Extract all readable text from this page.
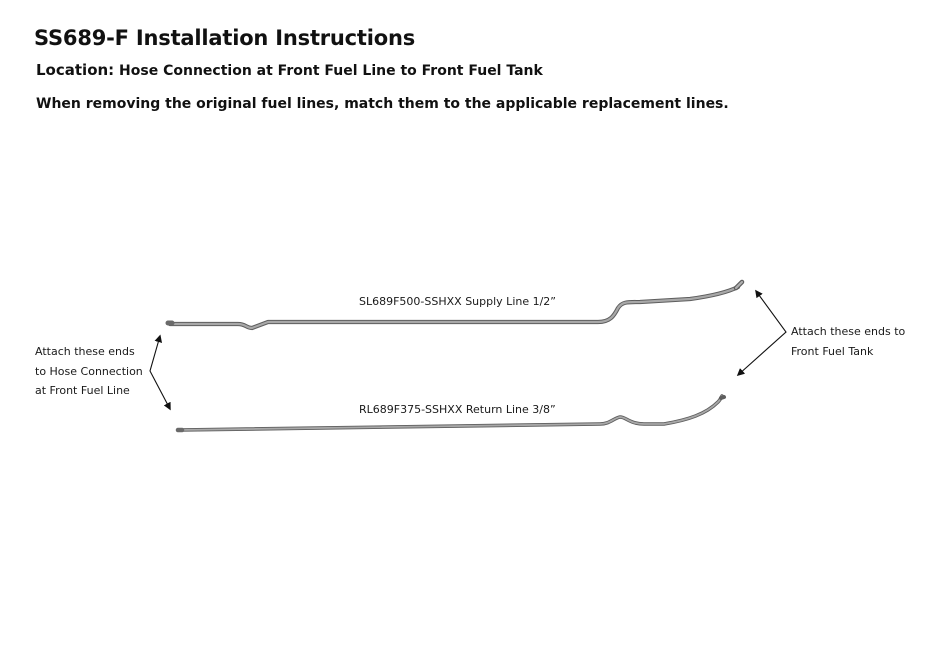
SS689-F Installation Instructions
Location: Hose Connection at Front Fuel Line to Front Fuel Tank
When removing the original fuel lines, match them to the applicable replacement lines.
SL689F500-SSHXX Supply Line 1/2”
RL689F375-SSHXX Return Line 3/8”
Attach these ends
to Hose Connection
at Front Fuel Line
Attach these ends to
Front Fuel Tank
